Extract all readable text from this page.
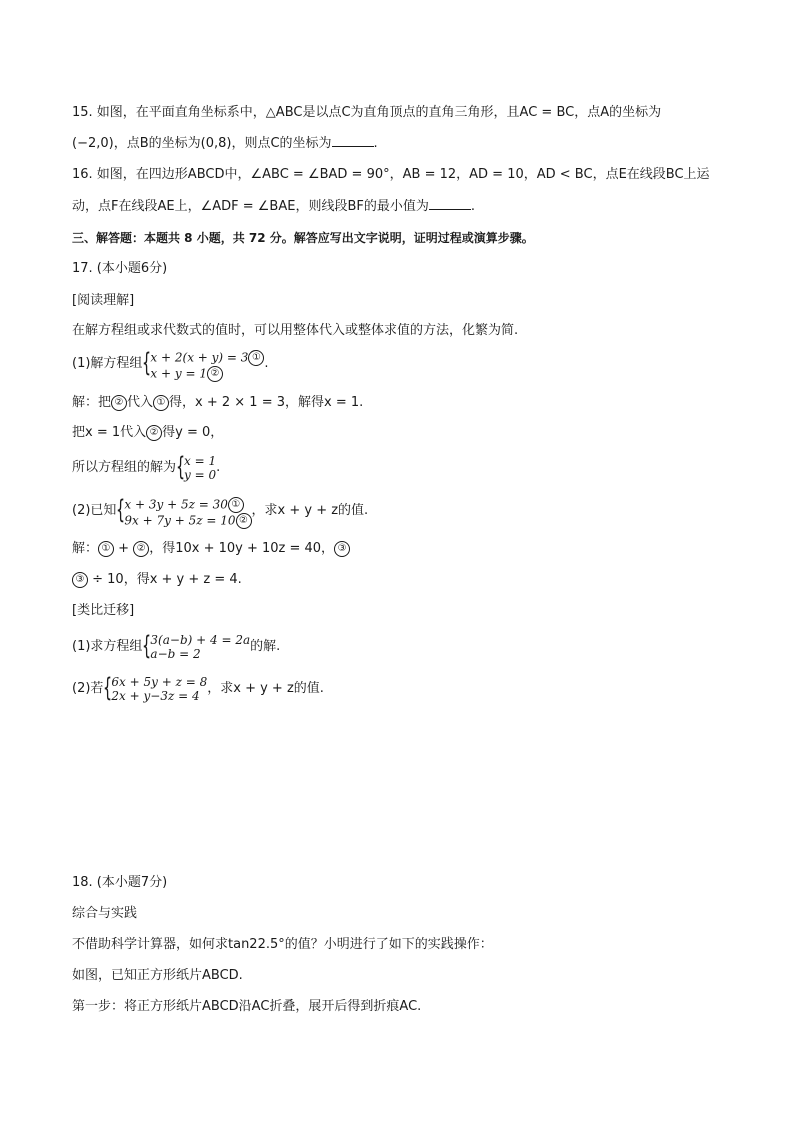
15. 如图，在平面直角坐标系中，△ABC是以点C为直角顶点的直角三角形，且AC = BC，点A的坐标为
(−2,0)，点B的坐标为(0,8)，则点C的坐标为	.
16. 如图，在四边形ABCD中，∠ABC = ∠BAD = 90°，AB = 12，AD = 10，AD < BC，点E在线段BC上运
动，点F在线段AE上，∠ADF = ∠BAE，则线段BF的最小值为	.
三、解答题：本题共 8 小题，共 72 分。解答应写出文字说明，证明过程或演算步骤。
17. (本小题6分)
[阅读理解]
在解方程组或求代数式的值时，可以用整体代入或整体求值的方法，化繁为简.
(1)解方程组 {
x + 2(x + y) = 3 ①
x + y = 1 ②
.
解：把 ② 代入 ① 得，x + 2 × 1 = 3，解得x = 1.
把x = 1代入 ② 得y = 0，
所以方程组的解为 {
x = 1
y = 0 .
(2)已知 {
x + 3y + 5z = 30 ①
9x + 7y + 5z = 10 ②
，求x + y + z的值.
解： ① + ② ，得10x + 10y + 10z = 40， ③
③ ÷ 10，得x + y + z = 4.
[类比迁移]
(1)求方程组 {
3(a−b) + 4 = 2a
a−b = 2	的解.
(2)若 {
6x + 5y + z = 8
2x + y−3z = 4 ，求x + y + z的值.
18. (本小题7分)
综合与实践
不借助科学计算器，如何求tan22.5°的值？小明进行了如下的实践操作：
如图，已知正方形纸片ABCD.
第一步：将正方形纸片ABCD沿AC折叠，展开后得到折痕AC.
